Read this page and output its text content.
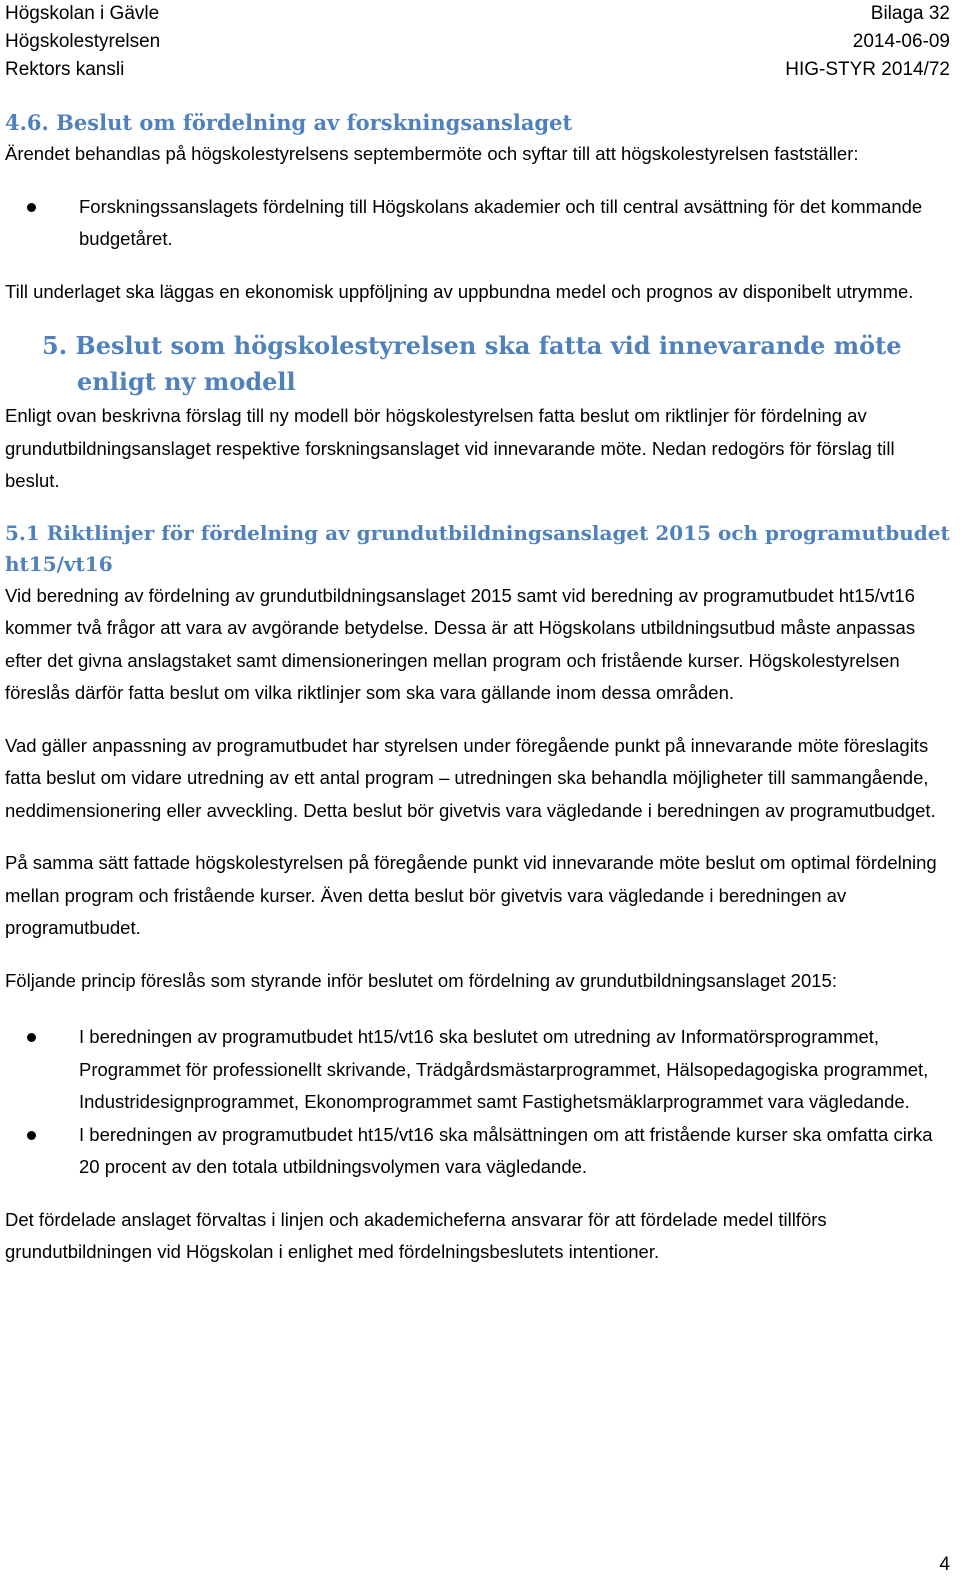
Högskolan i Gävle	Bilaga 32
Högskolestyrelsen	2014-06-09
Rektors kansli	HIG-STYR 2014/72
4.6. Beslut om fördelning av forskningsanslaget

Ärendet behandlas på högskolestyrelsens septembermöte och syftar till att högskolestyrelsen fastställer:

Forskningssanslagets fördelning till Högskolans akademier och till central avsättning för det kommande budgetåret.

Till underlaget ska läggas en ekonomisk uppföljning av uppbundna medel och prognos av disponibelt utrymme.

5. Beslut som högskolestyrelsen ska fatta vid innevarande möte enligt ny modell

Enligt ovan beskrivna förslag till ny modell bör högskolestyrelsen fatta beslut om riktlinjer för fördelning av grundutbildningsanslaget respektive forskningsanslaget vid innevarande möte. Nedan redogörs för förslag till beslut.

5.1 Riktlinjer för fördelning av grundutbildningsanslaget 2015 och programutbudet ht15/vt16

Vid beredning av fördelning av grundutbildningsanslaget 2015 samt vid beredning av programutbudet ht15/vt16 kommer två frågor att vara av avgörande betydelse. Dessa är att Högskolans utbildningsutbud måste anpassas efter det givna anslagstaket samt dimensioneringen mellan program och fristående kurser. Högskolestyrelsen föreslås därför fatta beslut om vilka riktlinjer som ska vara gällande inom dessa områden.

Vad gäller anpassning av programutbudet har styrelsen under föregående punkt på innevarande möte föreslagits fatta beslut om vidare utredning av ett antal program – utredningen ska behandla möjligheter till sammangående, neddimensionering eller avveckling. Detta beslut bör givetvis vara vägledande i beredningen av programutbudget.

På samma sätt fattade högskolestyrelsen på föregående punkt vid innevarande möte beslut om optimal fördelning mellan program och fristående kurser. Även detta beslut bör givetvis vara vägledande i beredningen av programutbudet.

Följande princip föreslås som styrande inför beslutet om fördelning av grundutbildningsanslaget 2015:

I beredningen av programutbudet ht15/vt16 ska beslutet om utredning av Informatörsprogrammet, Programmet för professionellt skrivande, Trädgårdsmästarprogrammet, Hälsopedagogiska programmet, Industridesignprogrammet, Ekonomprogrammet samt Fastighetsmäklarprogrammet vara vägledande.
I beredningen av programutbudet ht15/vt16 ska målsättningen om att fristående kurser ska omfatta cirka 20 procent av den totala utbildningsvolymen vara vägledande.

Det fördelade anslaget förvaltas i linjen och akademicheferna ansvarar för att fördelade medel tillförs grundutbildningen vid Högskolan i enlighet med fördelningsbeslutets intentioner.

4
